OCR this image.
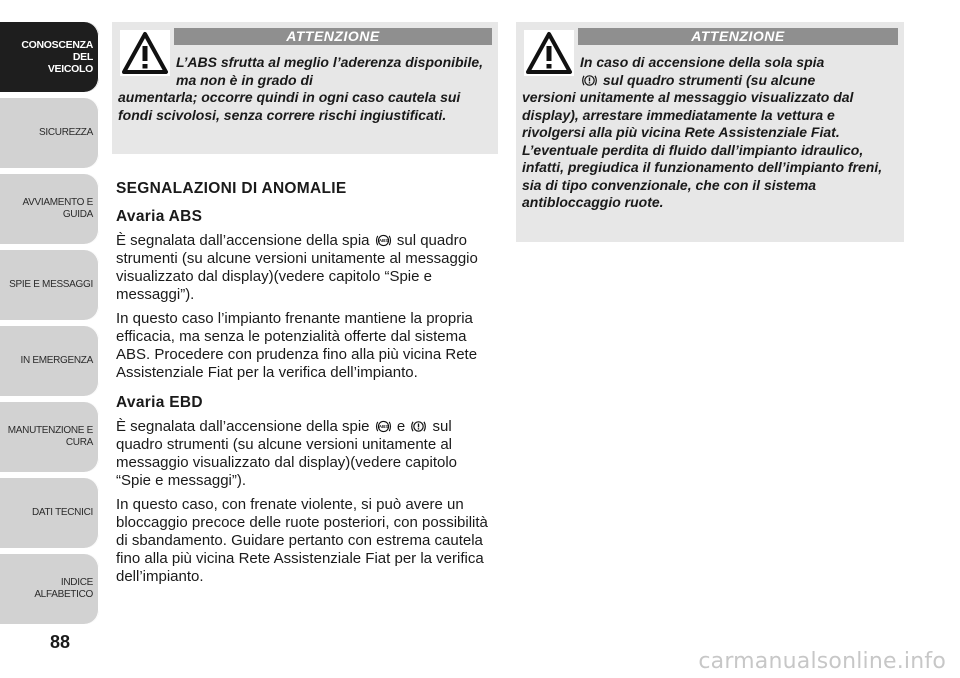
CONOSCENZA DEL
VEICOLO
SICUREZZA
AVVIAMENTO E
GUIDA
SPIE E MESSAGGI
IN EMERGENZA
MANUTENZIONE E
CURA
DATI TECNICI
INDICE ALFABETICO
88
ATTENZIONE
L’ABS sfrutta al meglio l’aderenza disponibile, ma non è in grado di
aumentarla; occorre quindi in ogni caso cautela sui fondi scivolosi, senza correre rischi ingiustificati.
ATTENZIONE
In caso di accensione della sola spia
sul quadro strumenti (su alcune
versioni unitamente al messaggio visualizzato dal display), arrestare immediatamente la vettura e rivolgersi alla più vicina Rete Assistenziale Fiat. L’eventuale perdita di fluido dall’impianto idraulico, infatti, pregiudica il funzionamento dell’impianto freni, sia di tipo convenzionale, che con il sistema antibloccaggio ruote.
SEGNALAZIONI DI ANOMALIE
Avaria ABS

È segnalata dall’accensione della spia ABS sul quadro strumenti (su alcune versioni unitamente al messaggio visualizzato dal display)(vedere capitolo “Spie e messaggi”).

In questo caso l’impianto frenante mantiene la propria efficacia, ma senza le potenzialità offerte dal sistema ABS. Procedere con prudenza fino alla più vicina Rete Assistenziale Fiat per la verifica dell’impianto.

Avaria EBD

È segnalata dall’accensione della spie ABS e sul quadro strumenti (su alcune versioni unitamente al messaggio visualizzato dal display)(vedere capitolo “Spie e messaggi”).

In questo caso, con frenate violente, si può avere un bloccaggio precoce delle ruote posteriori, con possibilità di sbandamento. Guidare pertanto con estrema cautela fino alla più vicina Rete Assistenziale Fiat per la verifica dell’impianto.

carmanualsonline.info
